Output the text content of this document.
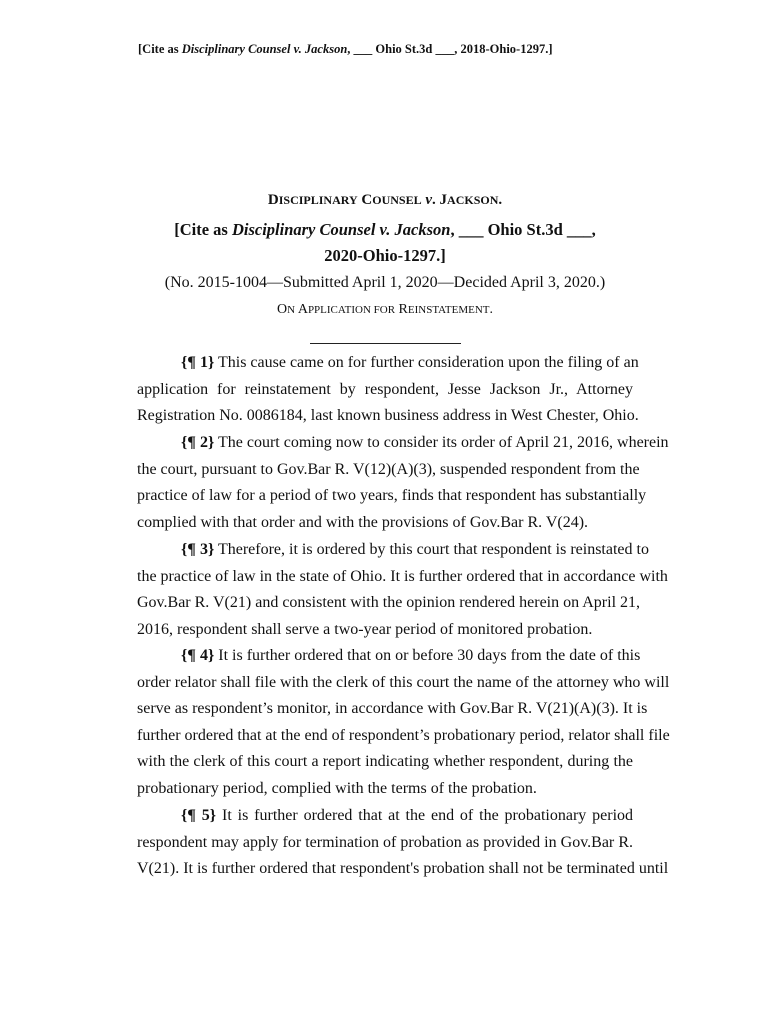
[Cite as Disciplinary Counsel v. Jackson, ___ Ohio St.3d ___, 2018-Ohio-1297.]
DISCIPLINARY COUNSEL v. JACKSON.
[Cite as Disciplinary Counsel v. Jackson, ___ Ohio St.3d ___,
2020-Ohio-1297.]
(No. 2015-1004—Submitted April 1, 2020—Decided April 3, 2020.)
ON APPLICATION FOR REINSTATEMENT.
{¶ 1} This cause came on for further consideration upon the filing of an
application for reinstatement by respondent, Jesse Jackson Jr., Attorney
Registration No. 0086184, last known business address in West Chester, Ohio.
{¶ 2} The court coming now to consider its order of April 21, 2016, wherein
the court, pursuant to Gov.Bar R. V(12)(A)(3), suspended respondent from the
practice of law for a period of two years, finds that respondent has substantially
complied with that order and with the provisions of Gov.Bar R. V(24).
{¶ 3} Therefore, it is ordered by this court that respondent is reinstated to
the practice of law in the state of Ohio. It is further ordered that in accordance with
Gov.Bar R. V(21) and consistent with the opinion rendered herein on April 21,
2016, respondent shall serve a two-year period of monitored probation.
{¶ 4} It is further ordered that on or before 30 days from the date of this
order relator shall file with the clerk of this court the name of the attorney who will
serve as respondent’s monitor, in accordance with Gov.Bar R. V(21)(A)(3). It is
further ordered that at the end of respondent’s probationary period, relator shall file
with the clerk of this court a report indicating whether respondent, during the
probationary period, complied with the terms of the probation.
{¶ 5} It is further ordered that at the end of the probationary period
respondent may apply for termination of probation as provided in Gov.Bar R.
V(21). It is further ordered that respondent's probation shall not be terminated until
